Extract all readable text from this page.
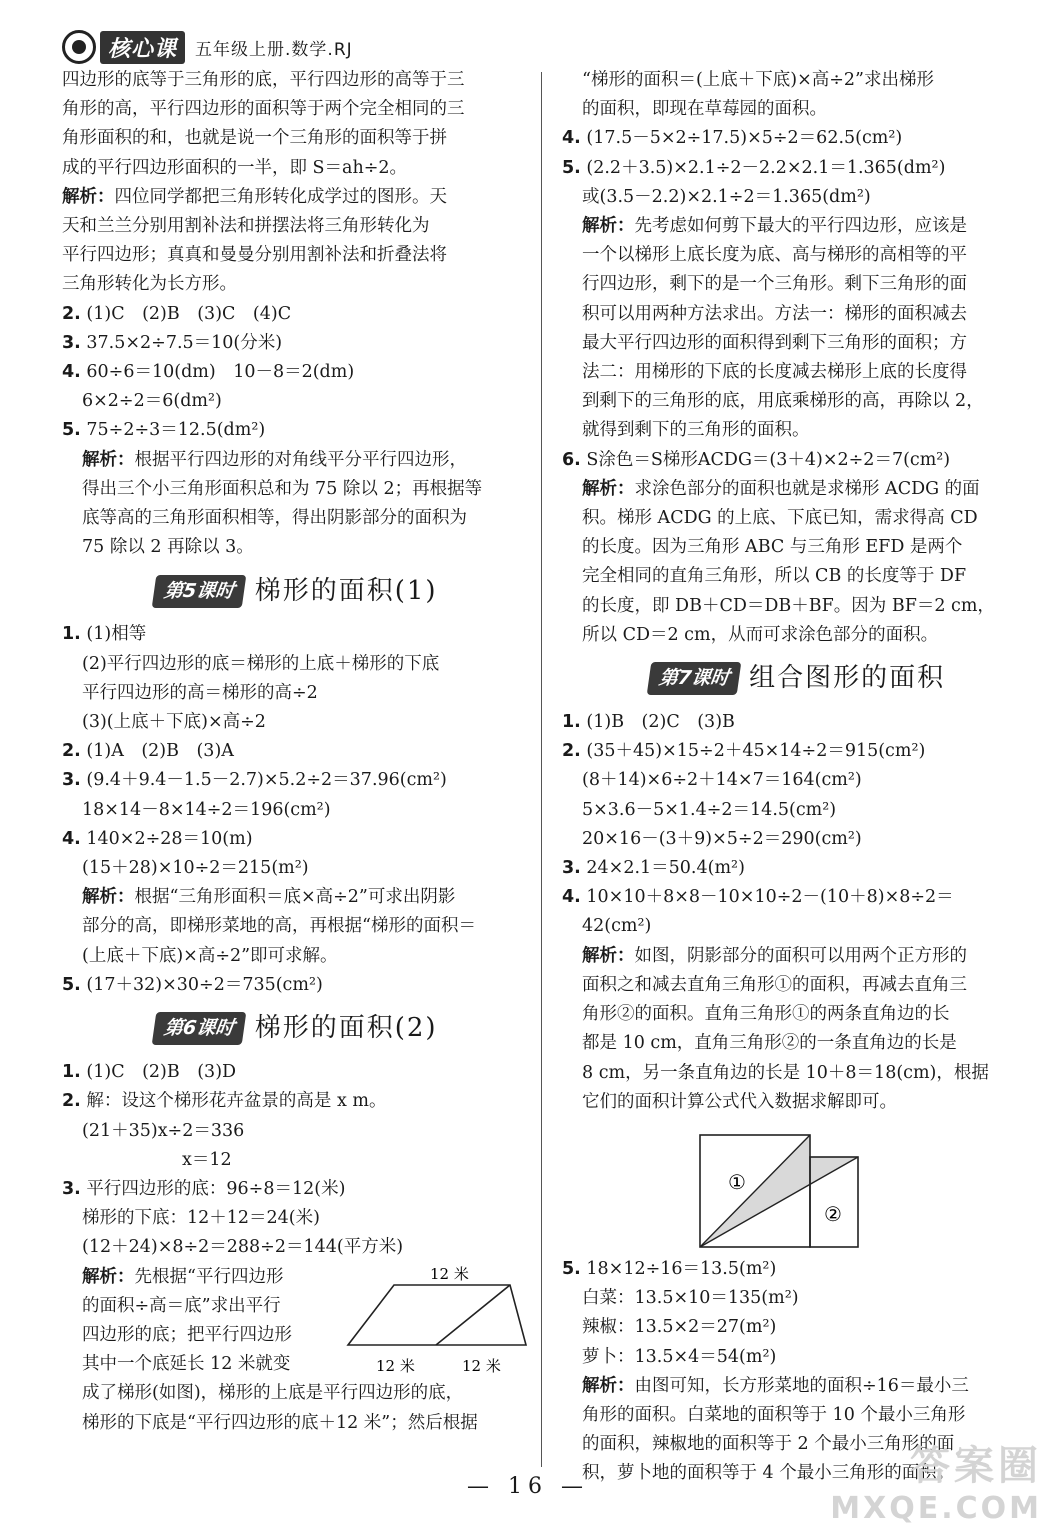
核心课	五年级上册.数学.RJ

四边形的底等于三角形的底，平行四边形的高等于三

角形的高，平行四边形的面积等于两个完全相同的三

角形面积的和，也就是说一个三角形的面积等于拼

成的平行四边形面积的一半，即 S＝ah÷2。

解析：四位同学都把三角形转化成学过的图形。天

天和兰兰分别用割补法和拼摆法将三角形转化为

平行四边形；真真和曼曼分别用割补法和折叠法将

三角形转化为长方形。

2. (1)C　(2)B　(3)C　(4)C

3. 37.5×2÷7.5＝10(分米)

4. 60÷6＝10(dm)　10－8＝2(dm)

6×2÷2＝6(dm²)

5. 75÷2÷3＝12.5(dm²)

解析：根据平行四边形的对角线平分平行四边形，

得出三个小三角形面积总和为 75 除以 2；再根据等

底等高的三角形面积相等，得出阴影部分的面积为

75 除以 2 再除以 3。

第5课时 梯形的面积(1)

1. (1)相等

(2)平行四边形的底＝梯形的上底＋梯形的下底

平行四边形的高＝梯形的高÷2

(3)(上底＋下底)×高÷2

2. (1)A　(2)B　(3)A

3. (9.4＋9.4－1.5－2.7)×5.2÷2＝37.96(cm²)

18×14－8×14÷2＝196(cm²)

4. 140×2÷28＝10(m)

(15＋28)×10÷2＝215(m²)

解析：根据“三角形面积＝底×高÷2”可求出阴影

部分的高，即梯形菜地的高，再根据“梯形的面积＝

(上底＋下底)×高÷2”即可求解。

5. (17＋32)×30÷2＝735(cm²)

第6课时 梯形的面积(2)

1. (1)C　(2)B　(3)D

2. 解：设这个梯形花卉盆景的高是 x m。

(21＋35)x÷2＝336

x＝12

3. 平行四边形的底：96÷8＝12(米)

梯形的下底：12＋12＝24(米)

(12＋24)×8÷2＝288÷2＝144(平方米)

解析：先根据“平行四边形

的面积÷高＝底”求出平行

四边形的底；把平行四边形

其中一个底延长 12 米就变

12 米
12 米	12 米

成了梯形(如图)，梯形的上底是平行四边形的底，

梯形的下底是“平行四边形的底＋12 米”；然后根据

“梯形的面积＝(上底＋下底)×高÷2”求出梯形

的面积，即现在草莓园的面积。

4. (17.5－5×2÷17.5)×5÷2＝62.5(cm²)

5. (2.2＋3.5)×2.1÷2－2.2×2.1＝1.365(dm²)

或(3.5－2.2)×2.1÷2＝1.365(dm²)

解析：先考虑如何剪下最大的平行四边形，应该是

一个以梯形上底长度为底、高与梯形的高相等的平

行四边形，剩下的是一个三角形。剩下三角形的面

积可以用两种方法求出。方法一：梯形的面积减去

最大平行四边形的面积得到剩下三角形的面积；方

法二：用梯形的下底的长度减去梯形上底的长度得

到剩下的三角形的底，用底乘梯形的高，再除以 2，

就得到剩下的三角形的面积。

6. S涂色＝S梯形ACDG＝(3＋4)×2÷2＝7(cm²)

解析：求涂色部分的面积也就是求梯形 ACDG 的面

积。梯形 ACDG 的上底、下底已知，需求得高 CD

的长度。因为三角形 ABC 与三角形 EFD 是两个

完全相同的直角三角形，所以 CB 的长度等于 DF

的长度，即 DB＋CD＝DB＋BF。因为 BF＝2 cm，

所以 CD＝2 cm，从而可求涂色部分的面积。

第7课时 组合图形的面积

1. (1)B　(2)C　(3)B

2. (35＋45)×15÷2＋45×14÷2＝915(cm²)

(8＋14)×6÷2＋14×7＝164(cm²)

5×3.6－5×1.4÷2＝14.5(cm²)

20×16－(3＋9)×5÷2＝290(cm²)

3. 24×2.1＝50.4(m²)

4. 10×10＋8×8－10×10÷2－(10＋8)×8÷2＝

42(cm²)

解析：如图，阴影部分的面积可以用两个正方形的

面积之和减去直角三角形①的面积，再减去直角三

角形②的面积。直角三角形①的两条直角边的长

都是 10 cm，直角三角形②的一条直角边的长是

8 cm，另一条直角边的长是 10＋8＝18(cm)，根据

它们的面积计算公式代入数据求解即可。

①
②

5. 18×12÷16＝13.5(m²)

白菜：13.5×10＝135(m²)

辣椒：13.5×2＝27(m²)

萝卜：13.5×4＝54(m²)

解析：由图可知，长方形菜地的面积÷16＝最小三

角形的面积。白菜地的面积等于 10 个最小三角形

的面积，辣椒地的面积等于 2 个最小三角形的面

积，萝卜地的面积等于 4 个最小三角形的面积。

— 16 —	答案圈
MXQE.COM
